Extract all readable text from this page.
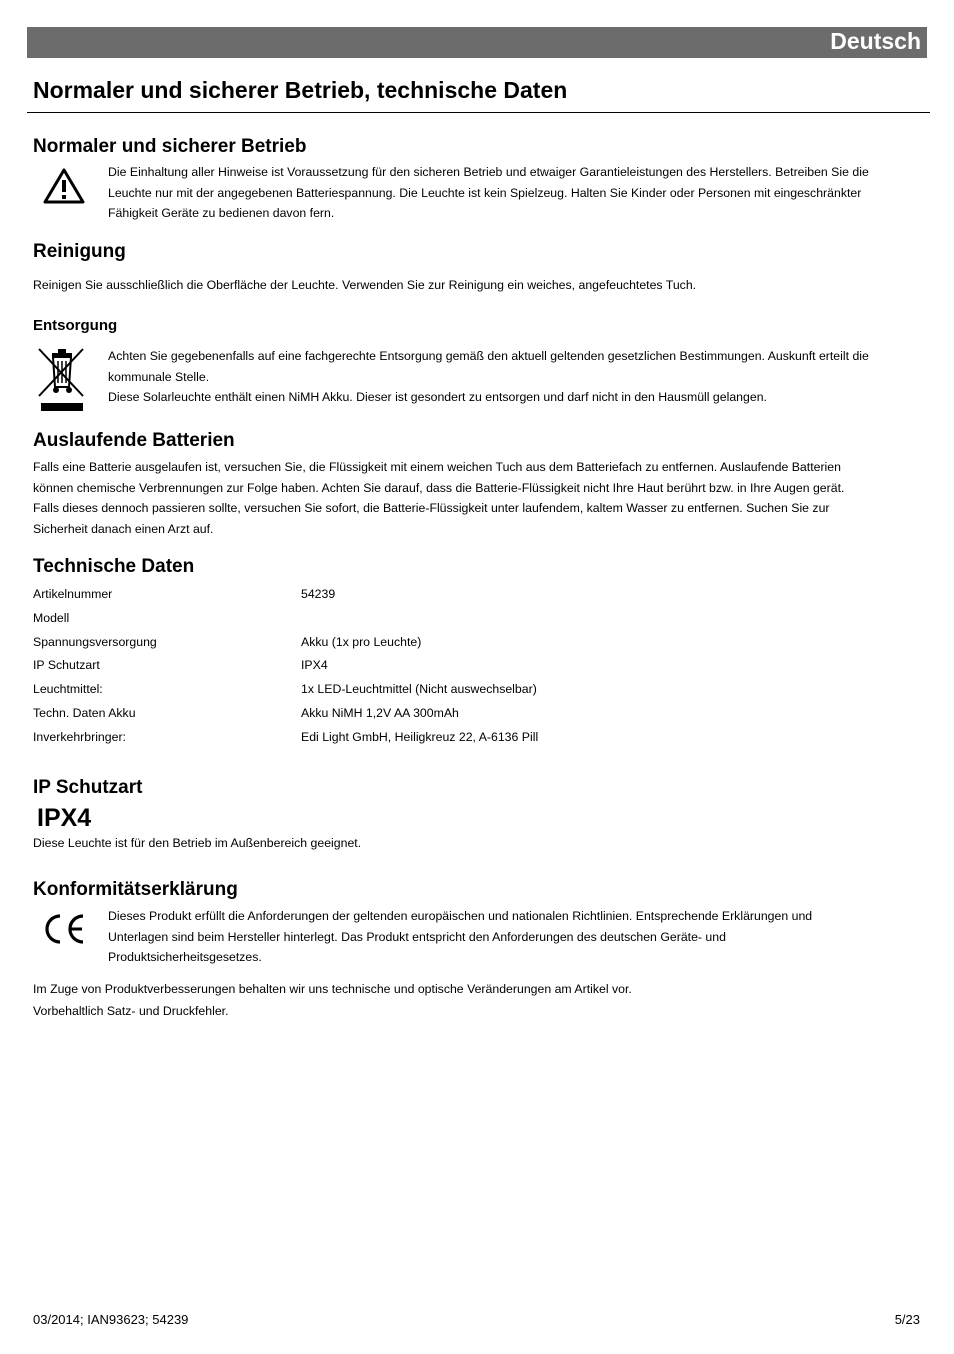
Deutsch
Normaler und sicherer Betrieb, technische Daten
Normaler und sicherer Betrieb
Die Einhaltung aller Hinweise ist Voraussetzung für den sicheren Betrieb und etwaiger Garantieleistungen des Herstellers. Betreiben Sie die
Leuchte nur mit der angegebenen Batteriespannung. Die Leuchte ist kein Spielzeug. Halten Sie Kinder oder Personen mit eingeschränkter
Fähigkeit Geräte zu bedienen davon fern.
Reinigung

Reinigen Sie ausschließlich die Oberfläche der Leuchte. Verwenden Sie zur Reinigung ein weiches, angefeuchtetes Tuch.

Entsorgung
Achten Sie gegebenenfalls auf eine fachgerechte Entsorgung gemäß den aktuell geltenden gesetzlichen Bestimmungen. Auskunft erteilt die
kommunale Stelle.
Diese Solarleuchte enthält einen NiMH Akku. Dieser ist gesondert zu entsorgen und darf nicht in den Hausmüll gelangen.
Auslaufende Batterien
Falls eine Batterie ausgelaufen ist, versuchen Sie, die Flüssigkeit mit einem weichen Tuch aus dem Batteriefach zu entfernen. Auslaufende Batterien
können chemische Verbrennungen zur Folge haben. Achten Sie darauf, dass die Batterie-Flüssigkeit nicht Ihre Haut berührt bzw. in Ihre Augen gerät.
Falls dieses dennoch passieren sollte, versuchen Sie sofort, die Batterie-Flüssigkeit unter laufendem, kaltem Wasser zu entfernen. Suchen Sie zur
Sicherheit danach einen Arzt auf.
Technische Daten
Artikelnummer	54239
Modell
Spannungsversorgung	Akku (1x pro Leuchte)
IP Schutzart	IPX4
Leuchtmittel:	1x LED-Leuchtmittel (Nicht auswechselbar)
Techn. Daten Akku	Akku NiMH 1,2V AA 300mAh
Inverkehrbringer:	Edi Light GmbH, Heiligkreuz 22, A-6136 Pill
IP Schutzart

IPX4

Diese Leuchte ist für den Betrieb im Außenbereich geeignet.

Konformitätserklärung
Dieses Produkt erfüllt die Anforderungen der geltenden europäischen und nationalen Richtlinien. Entsprechende Erklärungen und
Unterlagen sind beim Hersteller hinterlegt. Das Produkt entspricht den Anforderungen des deutschen Geräte- und
Produktsicherheitsgesetzes.

Im Zuge von Produktverbesserungen behalten wir uns technische und optische Veränderungen am Artikel vor.

Vorbehaltlich Satz- und Druckfehler.

03/2014; IAN93623; 54239	5/23
